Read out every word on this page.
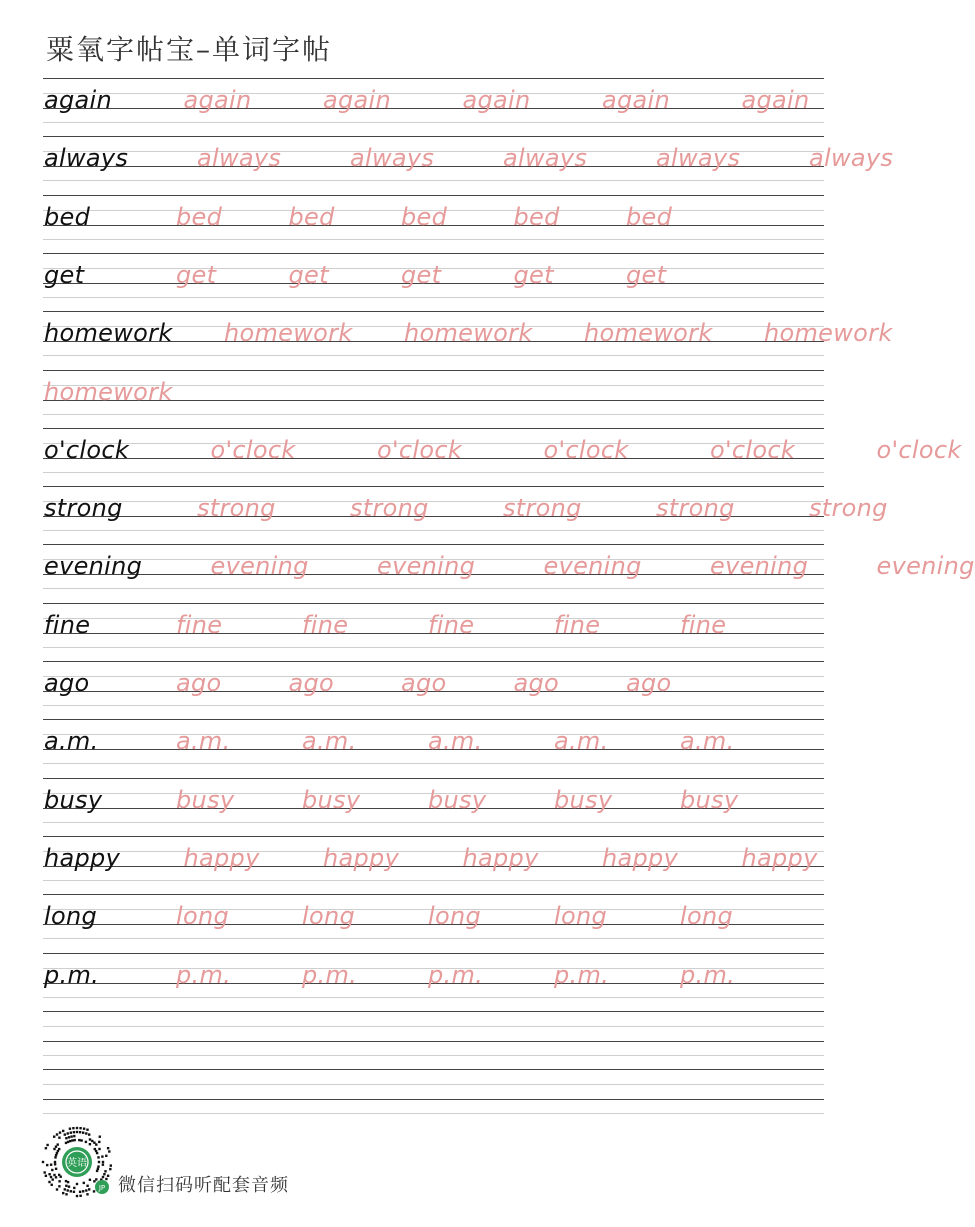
粟氧字帖宝–单词字帖
again	again	again	again	again	again
always	always	always	always	always	always
bed	bed	bed	bed	bed	bed
get	get	get	get	get	get
homework homework homework homework homework
homework
o'clock	o'clock	o'clock	o'clock	o'clock	o'clock
strong	strong	strong	strong	strong	strong
evening	evening	evening	evening	evening	evening
fine	fine	fine	fine	fine	fine
ago	ago	ago	ago	ago	ago
a.m.	a.m.	a.m.	a.m.	a.m.	a.m.
busy	busy	busy	busy	busy	busy
happy	happy	happy	happy	happy	happy
long	long	long	long	long	long
p.m.	p.m.	p.m.	p.m.	p.m.	p.m.
英语
JP 微信扫码听配套音频
